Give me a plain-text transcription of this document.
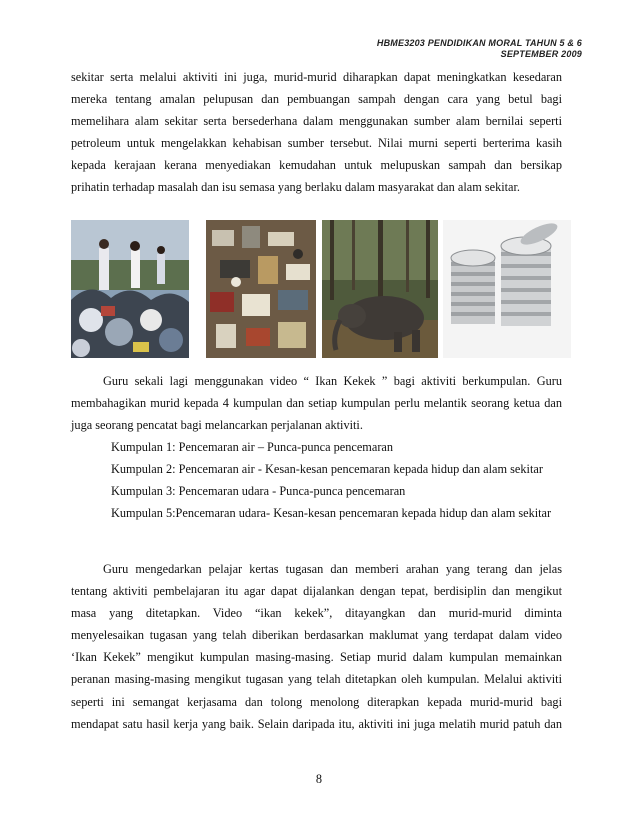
HBME3203 PENDIDIKAN MORAL TAHUN 5 & 6
SEPTEMBER 2009
sekitar serta melalui aktiviti ini juga, murid-murid diharapkan dapat meningkatkan kesedaran
mereka tentang amalan pelupusan dan pembuangan sampah dengan cara yang betul bagi
memelihara alam sekitar serta bersederhana dalam menggunakan sumber alam bernilai seperti
petroleum untuk mengelakkan kehabisan sumber tersebut. Nilai murni seperti berterima kasih
kepada kerajaan kerana menyediakan kemudahan untuk melupuskan sampah dan bersikap
prihatin terhadap masalah dan isu semasa yang berlaku dalam masyarakat dan alam sekitar.
Guru sekali lagi menggunakan video “ Ikan Kekek ” bagi aktiviti berkumpulan. Guru
membahagikan murid kepada 4 kumpulan dan setiap kumpulan perlu melantik seorang ketua dan
juga seorang pencatat bagi melancarkan perjalanan aktiviti.
Kumpulan 1: Pencemaran air – Punca-punca pencemaran
Kumpulan 2: Pencemaran air - Kesan-kesan pencemaran kepada hidup dan alam sekitar
Kumpulan 3: Pencemaran udara - Punca-punca pencemaran
Kumpulan 5:Pencemaran udara- Kesan-kesan pencemaran kepada hidup dan alam sekitar
Guru mengedarkan pelajar kertas tugasan dan memberi arahan yang terang dan jelas
tentang aktiviti pembelajaran itu agar dapat dijalankan dengan tepat, berdisiplin dan mengikut
masa yang ditetapkan. Video “ikan kekek”, ditayangkan dan murid-murid diminta
menyelesaikan tugasan yang telah diberikan berdasarkan maklumat yang terdapat dalam video
‘Ikan Kekek” mengikut kumpulan masing-masing. Setiap murid dalam kumpulan memainkan
peranan masing-masing mengikut tugasan yang telah ditetapkan oleh kumpulan. Melalui aktiviti
seperti ini semangat kerjasama dan tolong menolong diterapkan kepada murid-murid bagi
mendapat satu hasil kerja yang baik. Selain daripada itu, aktiviti ini juga melatih murid patuh dan
8
